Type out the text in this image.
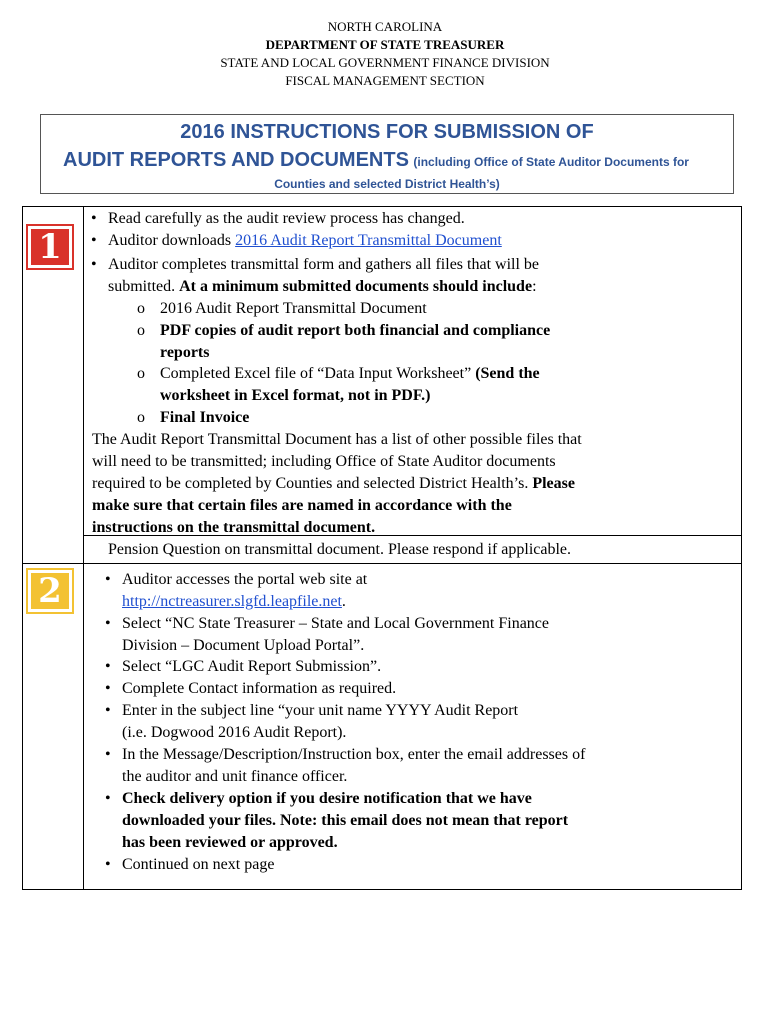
NORTH CAROLINA
DEPARTMENT OF STATE TREASURER
STATE AND LOCAL GOVERNMENT FINANCE DIVISION
FISCAL MANAGEMENT SECTION
2016 INSTRUCTIONS FOR SUBMISSION OF
AUDIT REPORTS AND DOCUMENTS (including Office of State Auditor Documents for
Counties and selected District Health’s)
1
2
• Read carefully as the audit review process has changed.
• Auditor downloads 2016 Audit Report Transmittal Document
• Auditor completes transmittal form and gathers all files that will be
submitted. At a minimum submitted documents should include:
o 2016 Audit Report Transmittal Document
o PDF copies of audit report both financial and compliance
reports
o Completed Excel file of “Data Input Worksheet” (Send the
worksheet in Excel format, not in PDF.)
o Final Invoice
The Audit Report Transmittal Document has a list of other possible files that
will need to be transmitted; including Office of State Auditor documents
required to be completed by Counties and selected District Health’s. Please
make sure that certain files are named in accordance with the
instructions on the transmittal document.
Pension Question on transmittal document. Please respond if applicable.
• Auditor accesses the portal web site at
http://nctreasurer.slgfd.leapfile.net.
• Select “NC State Treasurer – State and Local Government Finance
Division – Document Upload Portal”.
• Select “LGC Audit Report Submission”.
• Complete Contact information as required.
• Enter in the subject line “your unit name YYYY Audit Report
(i.e. Dogwood 2016 Audit Report).
• In the Message/Description/Instruction box, enter the email addresses of
the auditor and unit finance officer.
• Check delivery option if you desire notification that we have
downloaded your files. Note: this email does not mean that report
has been reviewed or approved.
• Continued on next page
